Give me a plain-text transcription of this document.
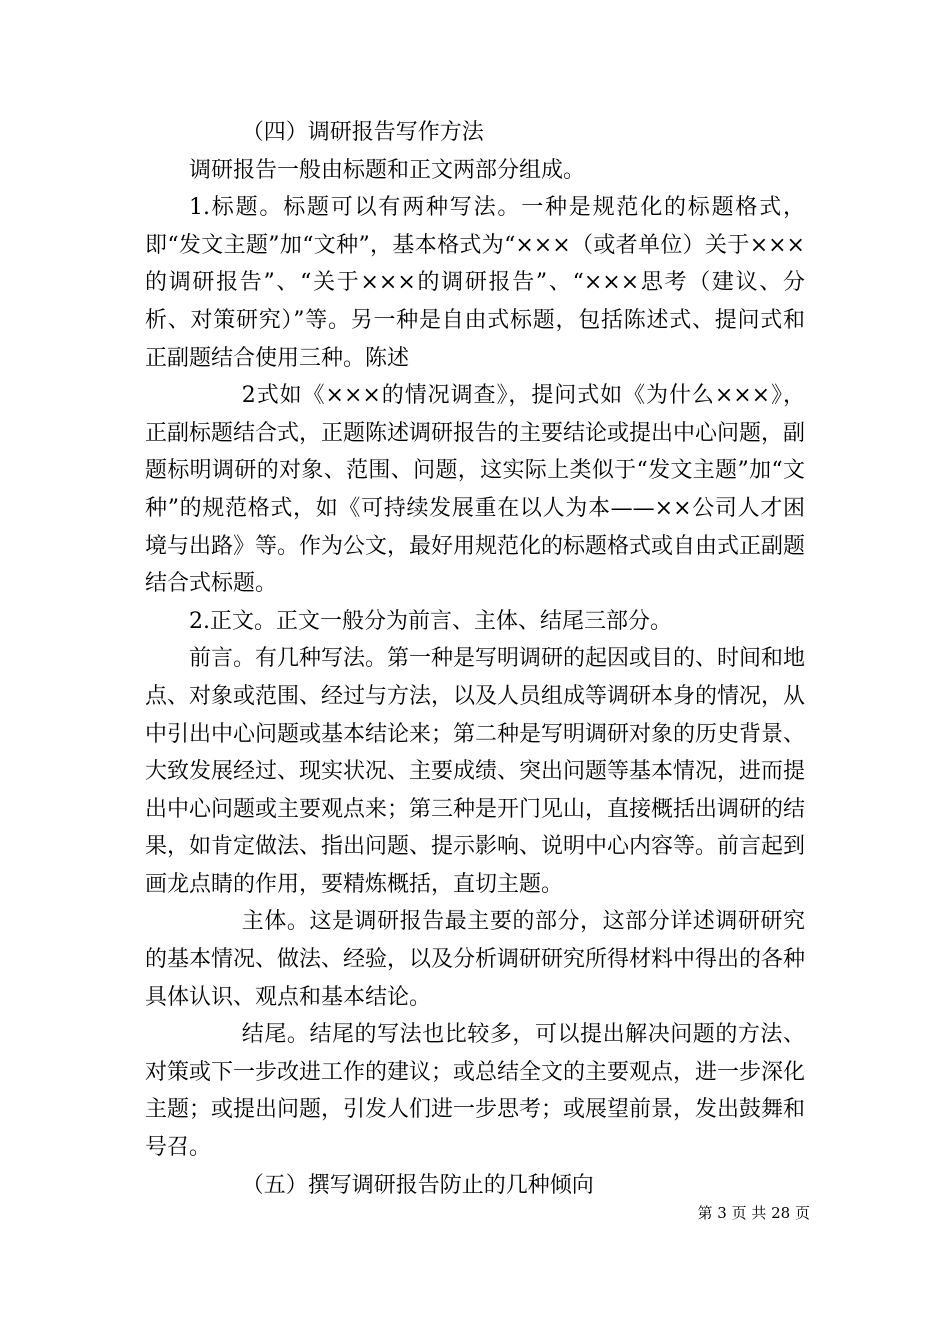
（四）调研报告写作方法

调研报告一般由标题和正文两部分组成。

1.标题。标题可以有两种写法。一种是规范化的标题格式，即“发文主题”加“文种”，基本格式为“×××（或者单位）关于×××的调研报告”、“关于×××的调研报告”、“×××思考（建议、分析、对策研究）”等。另一种是自由式标题，包括陈述式、提问式和正副题结合使用三种。陈述

2式如《×××的情况调查》，提问式如《为什么×××》，正副标题结合式，正题陈述调研报告的主要结论或提出中心问题，副题标明调研的对象、范围、问题，这实际上类似于“发文主题”加“文种”的规范格式，如《可持续发展重在以人为本——××公司人才困境与出路》等。作为公文，最好用规范化的标题格式或自由式正副题结合式标题。

2.正文。正文一般分为前言、主体、结尾三部分。

前言。有几种写法。第一种是写明调研的起因或目的、时间和地点、对象或范围、经过与方法，以及人员组成等调研本身的情况，从中引出中心问题或基本结论来；第二种是写明调研对象的历史背景、大致发展经过、现实状况、主要成绩、突出问题等基本情况，进而提出中心问题或主要观点来；第三种是开门见山，直接概括出调研的结果，如肯定做法、指出问题、提示影响、说明中心内容等。前言起到画龙点睛的作用，要精炼概括，直切主题。

主体。这是调研报告最主要的部分，这部分详述调研研究的基本情况、做法、经验，以及分析调研研究所得材料中得出的各种具体认识、观点和基本结论。

结尾。结尾的写法也比较多，可以提出解决问题的方法、对策或下一步改进工作的建议；或总结全文的主要观点，进一步深化主题；或提出问题，引发人们进一步思考；或展望前景，发出鼓舞和号召。

（五）撰写调研报告防止的几种倾向

第 3 页 共 28 页
